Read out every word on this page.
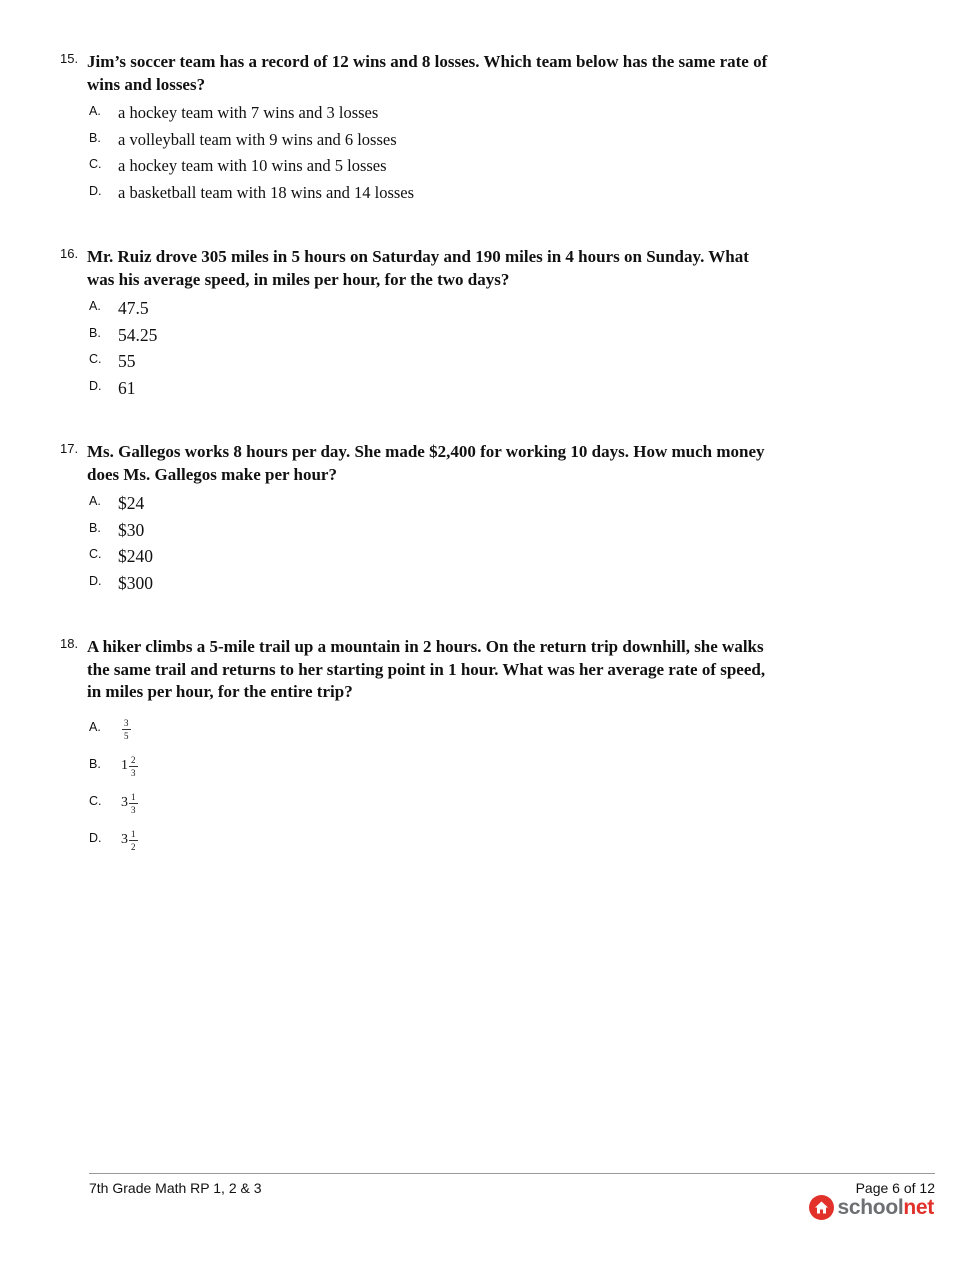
15. Jim’s soccer team has a record of 12 wins and 8 losses. Which team below has the same rate of wins and losses?
A. a hockey team with 7 wins and 3 losses
B. a volleyball team with 9 wins and 6 losses
C. a hockey team with 10 wins and 5 losses
D. a basketball team with 18 wins and 14 losses
16. Mr. Ruiz drove 305 miles in 5 hours on Saturday and 190 miles in 4 hours on Sunday. What was his average speed, in miles per hour, for the two days?
A. 47.5
B. 54.25
C. 55
D. 61
17. Ms. Gallegos works 8 hours per day. She made $2,400 for working 10 days. How much money does Ms. Gallegos make per hour?
A. $24
B. $30
C. $240
D. $300
18. A hiker climbs a 5-mile trail up a mountain in 2 hours. On the return trip downhill, she walks the same trail and returns to her starting point in 1 hour. What was her average rate of speed, in miles per hour, for the entire trip?
A. $\frac{3}{5}$
B. $1 \frac{2}{3}$
C. $3 \frac{1}{3}$
D. $3 \frac{1}{2}$
7th Grade Math RP 1, 2 & 3	Page 6 of 12
schoolnet
